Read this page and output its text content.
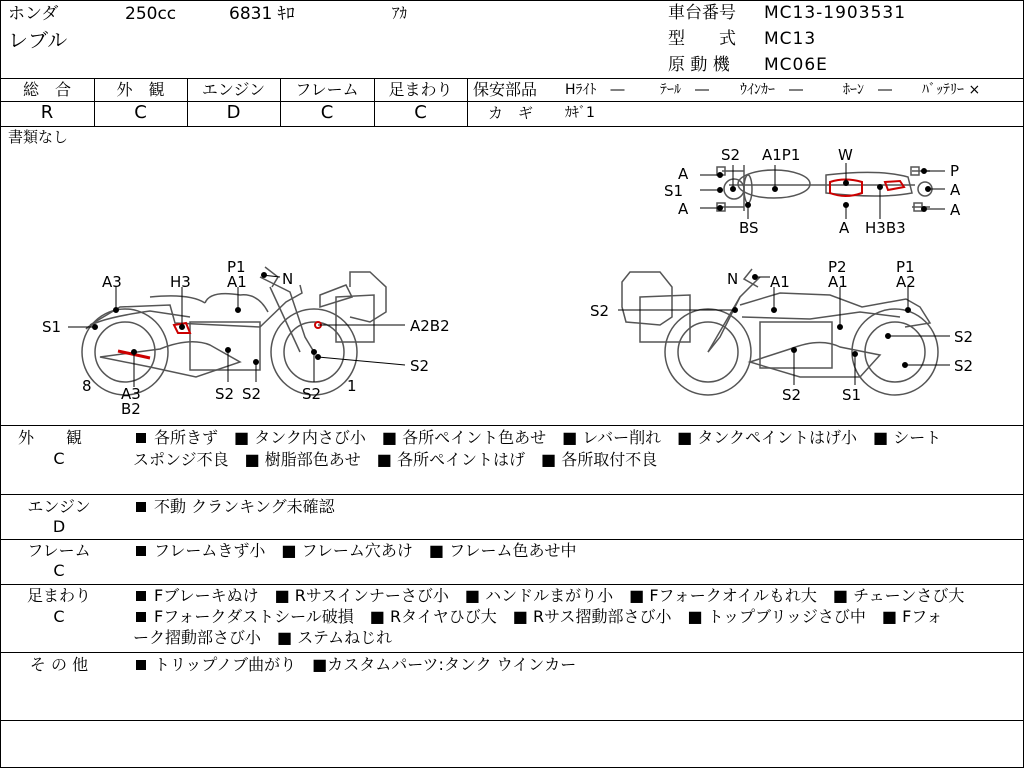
ホンダ	250cc	6831 ｷﾛ	ｱｶ
レブル
車台番号 MC13-1903531
型　　式 MC13
原 動 機 MC06E
総　合
R
外　観
C
エンジン
D
フレーム
C
足まわり
C
保安部品 Hﾗｲﾄ　―	ﾃｰﾙ　― ｳｲﾝｶｰ　―	ﾎｰﾝ　― ﾊﾞｯﾃﾘｰ ×
カ　ギ ｶｷﾞ1
書類なし
S2 A1P1	W
A
S1
A
P
A
A
BS	A H3B3
P1
A1 N
A3	H3
S1	A2B2
S2
8 A3
B2
S2 S2	S2 1
N A1
P2
A1
P1
A2
S2
S2
S2
S2	S1
外　　観
C
各所きず　■ タンク内さび小　■ 各所ペイント色あせ　■ レバー削れ　■ タンクペイントはげ小　■ シート
スポンジ不良　■ 樹脂部色あせ　■ 各所ペイントはげ　■ 各所取付不良
エンジン
D
不動 クランキング未確認
フレーム
C
フレームきず小　■ フレーム穴あけ　■ フレーム色あせ中
足まわり
C
Fブレーキぬけ　■ Rサスインナーさび小　■ ハンドルまがり小　■ Fフォークオイルもれ大　■ チェーンさび大
Fフォークダストシール破損　■ Rタイヤひび大　■ Rサス摺動部さび小　■ トップブリッジさび中　■ Fフォ
ーク摺動部さび小　■ ステムねじれ
そ の 他	トリップノブ曲がり　■カスタムパーツ:タンク ウインカー
